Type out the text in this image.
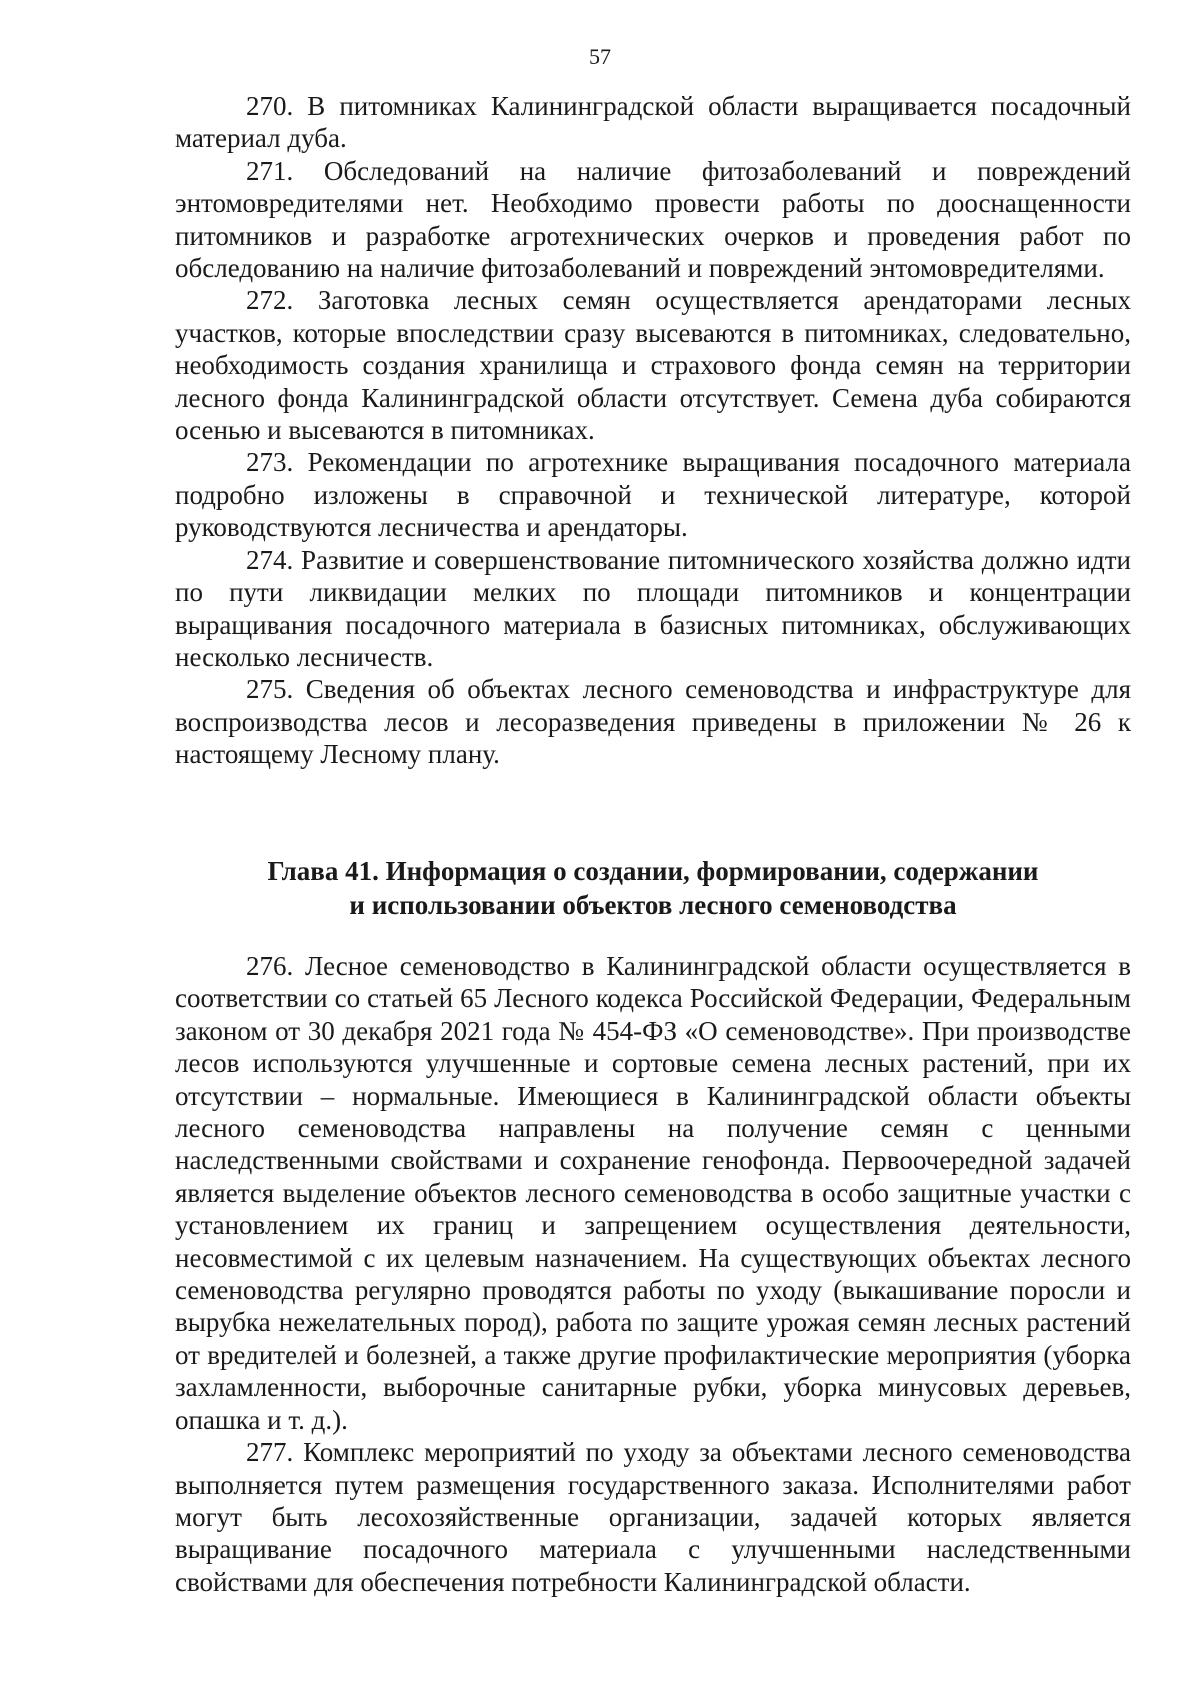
57

270. В питомниках Калининградской области выращивается посадочный материал дуба.

271. Обследований на наличие фитозаболеваний и повреждений энтомовредителями нет. Необходимо провести работы по дооснащенности питомников и разработке агротехнических очерков и проведения работ по обследованию на наличие фитозаболеваний и повреждений энтомовредителями.

272. Заготовка лесных семян осуществляется арендаторами лесных участков, которые впоследствии сразу высеваются в питомниках, следовательно, необходимость создания хранилища и страхового фонда семян на территории лесного фонда Калининградской области отсутствует. Семена дуба собираются осенью и высеваются в питомниках.

273. Рекомендации по агротехнике выращивания посадочного материала подробно изложены в справочной и технической литературе, которой руководствуются лесничества и арендаторы.

274. Развитие и совершенствование питомнического хозяйства должно идти по пути ликвидации мелких по площади питомников и концентрации выращивания посадочного материала в базисных питомниках, обслуживающих несколько лесничеств.

275. Сведения об объектах лесного семеноводства и инфраструктуре для воспроизводства лесов и лесоразведения приведены в приложении № 26 к настоящему Лесному плану.

Глава 41. Информация о создании, формировании, содержании
и использовании объектов лесного семеноводства

276. Лесное семеноводство в Калининградской области осуществляется в соответствии со статьей 65 Лесного кодекса Российской Федерации, Федеральным законом от 30 декабря 2021 года № 454-ФЗ «О семеноводстве». При производстве лесов используются улучшенные и сортовые семена лесных растений, при их отсутствии – нормальные. Имеющиеся в Калининградской области объекты лесного семеноводства направлены на получение семян с ценными наследственными свойствами и сохранение генофонда. Первоочередной задачей является выделение объектов лесного семеноводства в особо защитные участки с установлением их границ и запрещением осуществления деятельности, несовместимой с их целевым назначением. На существующих объектах лесного семеноводства регулярно проводятся работы по уходу (выкашивание поросли и вырубка нежелательных пород), работа по защите урожая семян лесных растений от вредителей и болезней, а также другие профилактические мероприятия (уборка захламленности, выборочные санитарные рубки, уборка минусовых деревьев, опашка и т. д.).

277. Комплекс мероприятий по уходу за объектами лесного семеноводства выполняется путем размещения государственного заказа. Исполнителями работ могут быть лесохозяйственные организации, задачей которых является выращивание посадочного материала с улучшенными наследственными свойствами для обеспечения потребности Калининградской области.
